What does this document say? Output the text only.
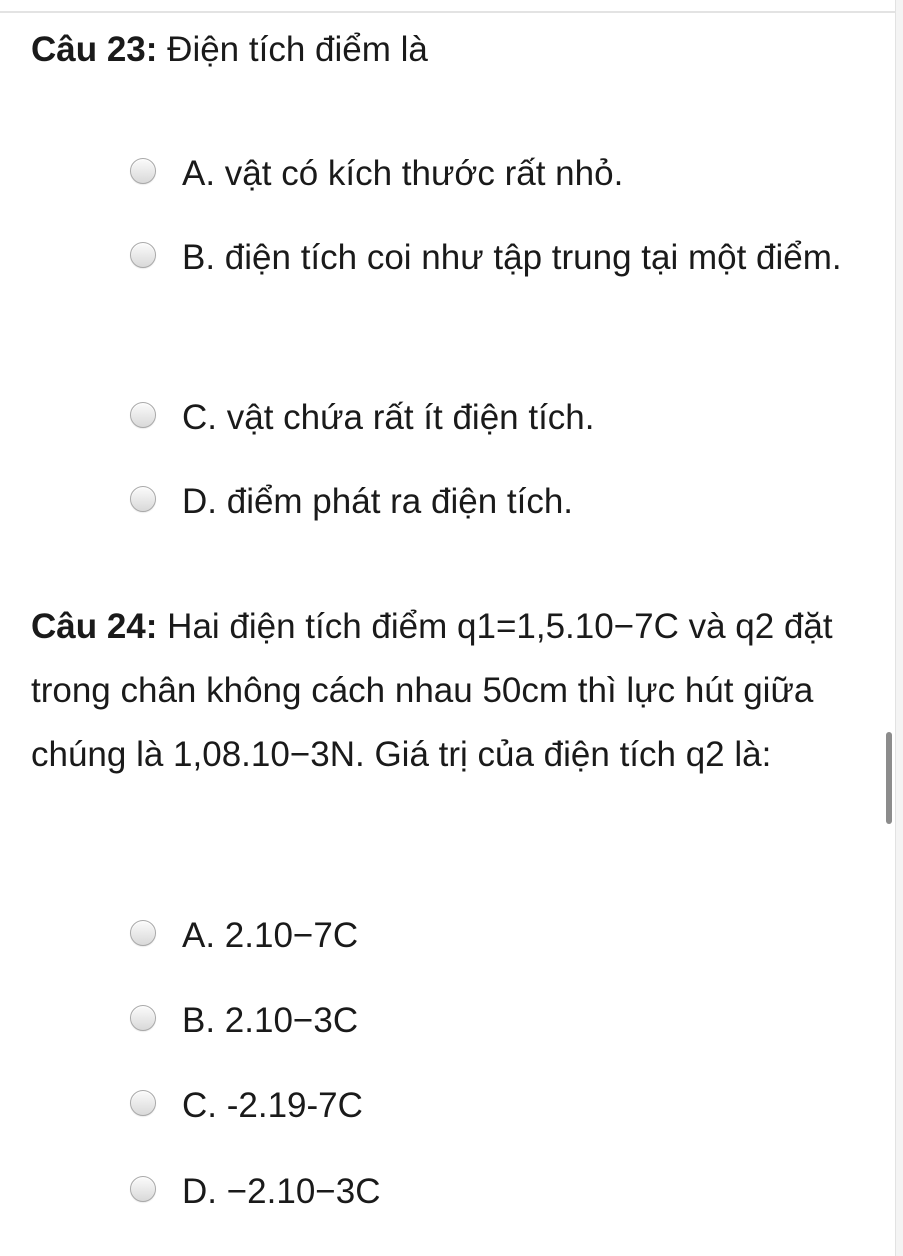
Câu 23: Điện tích điểm là
A. vật có kích thước rất nhỏ.
B. điện tích coi như tập trung tại một điểm.
C. vật chứa rất ít điện tích.
D. điểm phát ra điện tích.
Câu 24: Hai điện tích điểm q1=1,5.10−7C và q2 đặt trong chân không cách nhau 50cm thì lực hút giữa chúng là 1,08.10−3N. Giá trị của điện tích q2 là:
A. 2.10−7C
B. 2.10−3C
C. -2.19-7C
D. −2.10−3C
